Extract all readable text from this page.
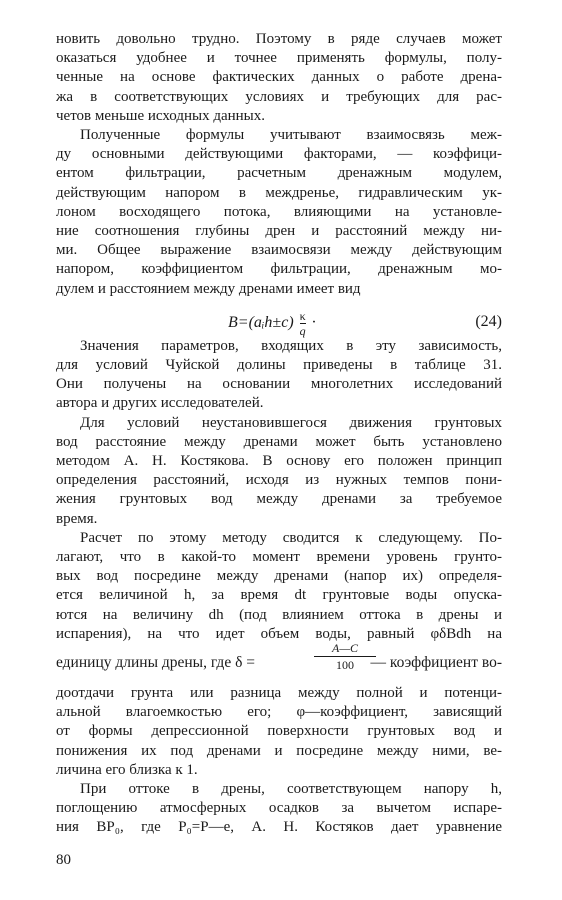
новить довольно трудно. Поэтому в ряде случаев может
оказаться удобнее и точнее применять формулы, полу-
ченные на основе фактических данных о работе дрена-
жа в соответствующих условиях и требующих для рас-
четов меньше исходных данных.
Полученные формулы учитывают взаимосвязь меж-
ду основными действующими факторами, — коэффици-
ентом фильтрации, расчетным дренажным модулем,
действующим напором в междренье, гидравлическим ук-
лоном восходящего потока, влияющими на установле-
ние соотношения глубины дрен и расстояний между ни-
ми. Общее выражение взаимосвязи между действующим
напором, коэффициентом фильтрации, дренажным мо-
дулем и расстоянием между дренами имеет вид
B=(aᵢh±c) $\frac{\kappa}{q}$ ·	(24)
Значения параметров, входящих в эту зависимость,
для условий Чуйской долины приведены в таблице 31.
Они получены на основании многолетних исследований
автора и других исследователей.
Для условий неустановившегося движения грунтовых
вод расстояние между дренами может быть установлено
методом А. Н. Костякова. В основу его положен принцип
определения расстояний, исходя из нужных темпов пони-
жения грунтовых вод между дренами за требуемое
время.
Расчет по этому методу сводится к следующему. По-
лагают, что в какой-то момент времени уровень грунто-
вых вод посредине между дренами (напор их) определя-
ется величиной h, за время dt грунтовые воды опуска-
ются на величину dh (под влиянием оттока в дрены и
испарения), на что идет объем воды, равный φδBdh на
единицу длины дрены, где δ =	$\frac{A—C}{100}$
— коэффициент во-
доотдачи грунта или разница между полной и потенци-
альной влагоемкостью его; φ—коэффициент, зависящий
от формы депрессионной поверхности грунтовых вод и
понижения их под дренами и посредине между ними, ве-
личина его близка к 1.
При оттоке в дрены, соответствующем напору h,
поглощению атмосферных осадков за вычетом испаре-
ния BP₀, где P₀=P—e, А. Н. Костяков дает уравнение
80
